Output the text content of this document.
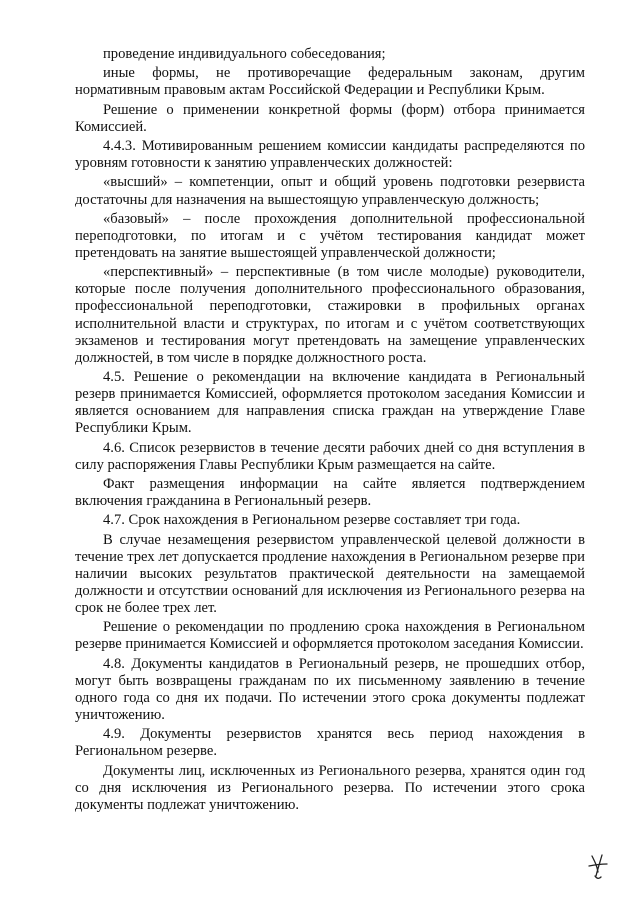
проведение индивидуального собеседования;

иные формы, не противоречащие федеральным законам, другим нормативным правовым актам Российской Федерации и Республики Крым.

Решение о применении конкретной формы (форм) отбора принимается Комиссией.

4.4.3. Мотивированным решением комиссии кандидаты распределяются по уровням готовности к занятию управленческих должностей:

«высший» – компетенции, опыт и общий уровень подготовки резервиста достаточны для назначения на вышестоящую управленческую должность;

«базовый» – после прохождения дополнительной профессиональной переподготовки, по итогам и с учётом тестирования кандидат может претендовать на занятие вышестоящей управленческой должности;

«перспективный» – перспективные (в том числе молодые) руководители, которые после получения дополнительного профессионального образования, профессиональной переподготовки, стажировки в профильных органах исполнительной власти и структурах, по итогам и с учётом соответствующих экзаменов и тестирования могут претендовать на замещение управленческих должностей, в том числе в порядке должностного роста.

4.5. Решение о рекомендации на включение кандидата в Региональный резерв принимается Комиссией, оформляется протоколом заседания Комиссии и является основанием для направления списка граждан на утверждение Главе Республики Крым.

4.6. Список резервистов в течение десяти рабочих дней со дня вступления в силу распоряжения Главы Республики Крым размещается на сайте.

Факт размещения информации на сайте является подтверждением включения гражданина в Региональный резерв.

4.7. Срок нахождения в Региональном резерве составляет три года.

В случае незамещения резервистом управленческой целевой должности в течение трех лет допускается продление нахождения в Региональном резерве при наличии высоких результатов практической деятельности на замещаемой должности и отсутствии оснований для исключения из Регионального резерва на срок не более трех лет.

Решение о рекомендации по продлению срока нахождения в Региональном резерве принимается Комиссией и оформляется протоколом заседания Комиссии.

4.8. Документы кандидатов в Региональный резерв, не прошедших отбор, могут быть возвращены гражданам по их письменному заявлению в течение одного года со дня их подачи. По истечении этого срока документы подлежат уничтожению.

4.9. Документы резервистов хранятся весь период нахождения в Региональном резерве.

Документы лиц, исключенных из Регионального резерва, хранятся один год со дня исключения из Регионального резерва. По истечении этого срока документы подлежат уничтожению.
